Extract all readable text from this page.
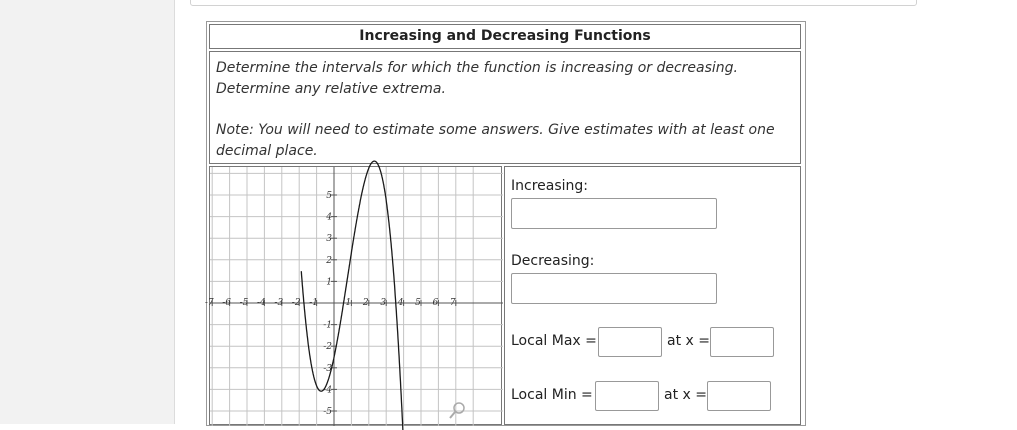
Increasing and Decreasing Functions

Determine the intervals for which the function is increasing or decreasing. Determine any relative extrema.

Note: You will need to estimate some answers. Give estimates with at least one decimal place.

-7 -6 -5 -4 -3 -2 -1	1 2 3 4 5 6 7
5
4
3
2
1
-1
-2
-3
-4
-5
Increasing:
Decreasing:
Local Max =	at x =
Local Min =	at x =
